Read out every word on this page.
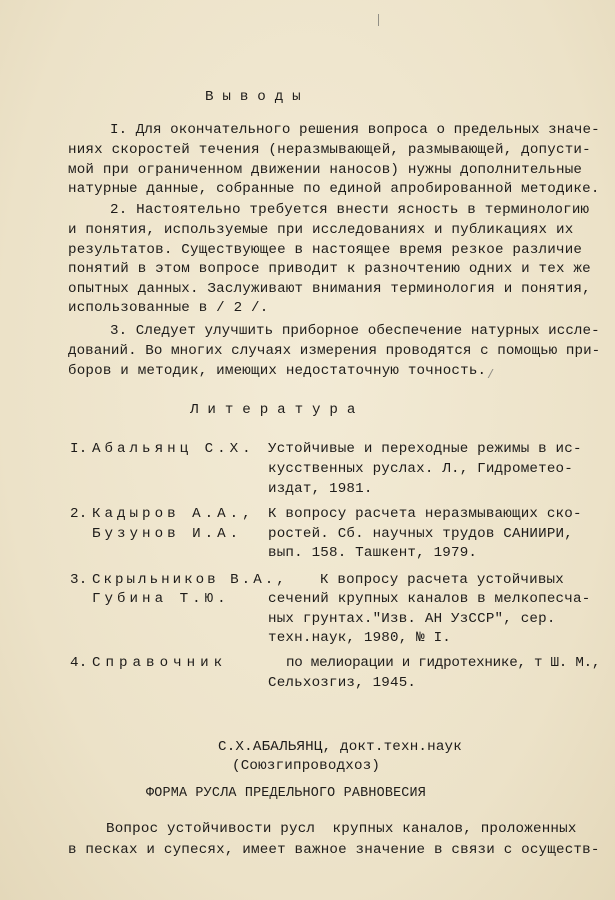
В ы в о д ы
I. Для окончательного решения вопроса о предельных значе-
ниях скоростей течения (неразмывающей, размывающей, допусти-
мой при ограниченном движении наносов) нужны дополнительные
натурные данные, собранные по единой апробированной методике.
2. Настоятельно требуется внести ясность в терминологию
и понятия, используемые при исследованиях и публикациях их
результатов. Существующее в настоящее время резкое различие
понятий в этом вопросе приводит к разночтению одних и тех же
опытных данных. Заслуживают внимания терминология и понятия,
использованные в / 2 /.
3. Следует улучшить приборное обеспечение натурных иссле-
дований. Во многих случаях измерения проводятся с помощью при-
боров и методик, имеющих недостаточную точность. /
Л и т е р а т у р а
I. Абальянц С.Х. Устойчивые и переходные режимы в ис-
кусственных руслах. Л., Гидрометео-
издат, 1981.
2. Кадыров А.А.,
Бузунов И.А.
К вопросу расчета неразмывающих ско-
ростей. Сб. научных трудов САНИИРИ,
вып. 158. Ташкент, 1979.
3. Скрыльников В.А.,
Губина Т.Ю.
К вопросу расчета устойчивых
сечений крупных каналов в мелкопесча-
ных грунтах."Изв. АН УзССР", сер.
техн.наук, 1980, № I.
4. Справочник	по мелиорации и гидротехнике, т Ш. М.,
Сельхозгиз, 1945.
С.Х.АБАЛЬЯНЦ, докт.техн.наук
(Союзгипроводхоз)
ФОРМА РУСЛА ПРЕДЕЛЬНОГО РАВНОВЕСИЯ
Вопрос устойчивости русл  крупных каналов, проложенных
в песках и супесях, имеет важное значение в связи с осуществ-
